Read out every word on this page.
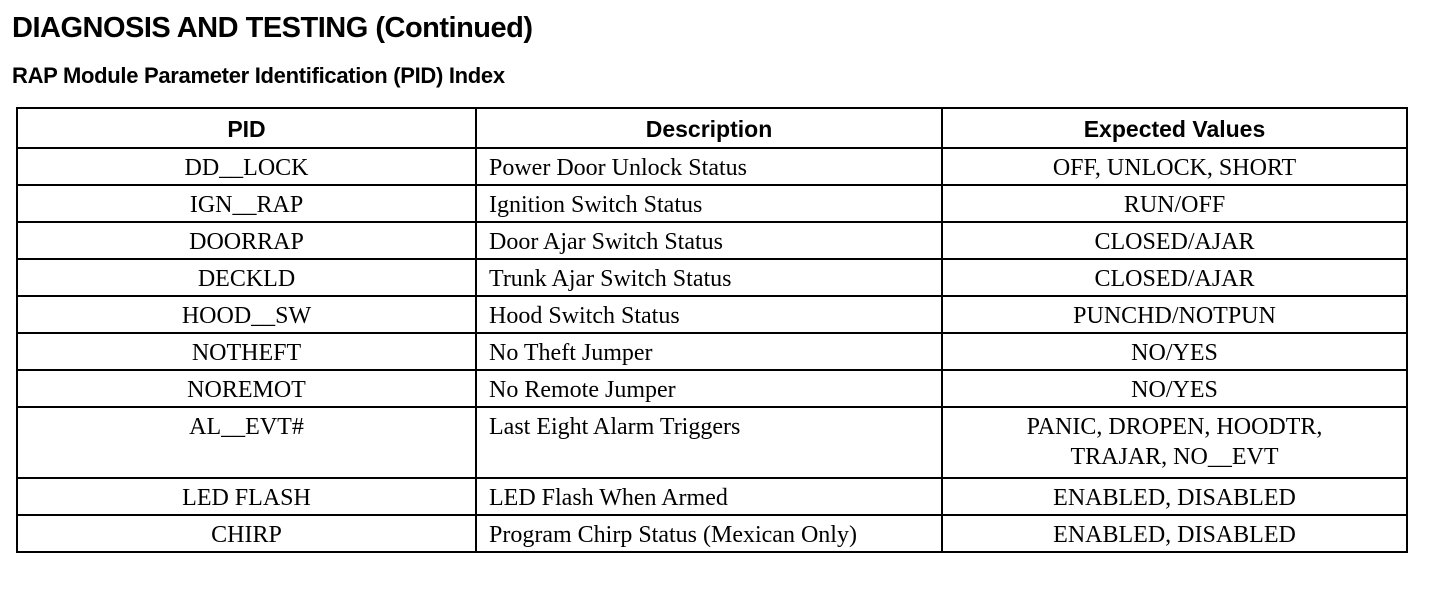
DIAGNOSIS AND TESTING (Continued)
RAP Module Parameter Identification (PID) Index
PID	Description	Expected Values
DD__LOCK	Power Door Unlock Status	OFF, UNLOCK, SHORT
IGN__RAP	Ignition Switch Status	RUN/OFF
DOORRAP	Door Ajar Switch Status	CLOSED/AJAR
DECKLD	Trunk Ajar Switch Status	CLOSED/AJAR
HOOD__SW	Hood Switch Status	PUNCHD/NOTPUN
NOTHEFT	No Theft Jumper	NO/YES
NOREMOT	No Remote Jumper	NO/YES
AL__EVT#	Last Eight Alarm Triggers	PANIC, DROPEN, HOODTR,
TRAJAR, NO__EVT

LED FLASH	LED Flash When Armed	ENABLED, DISABLED
CHIRP	Program Chirp Status (Mexican Only)	ENABLED, DISABLED
